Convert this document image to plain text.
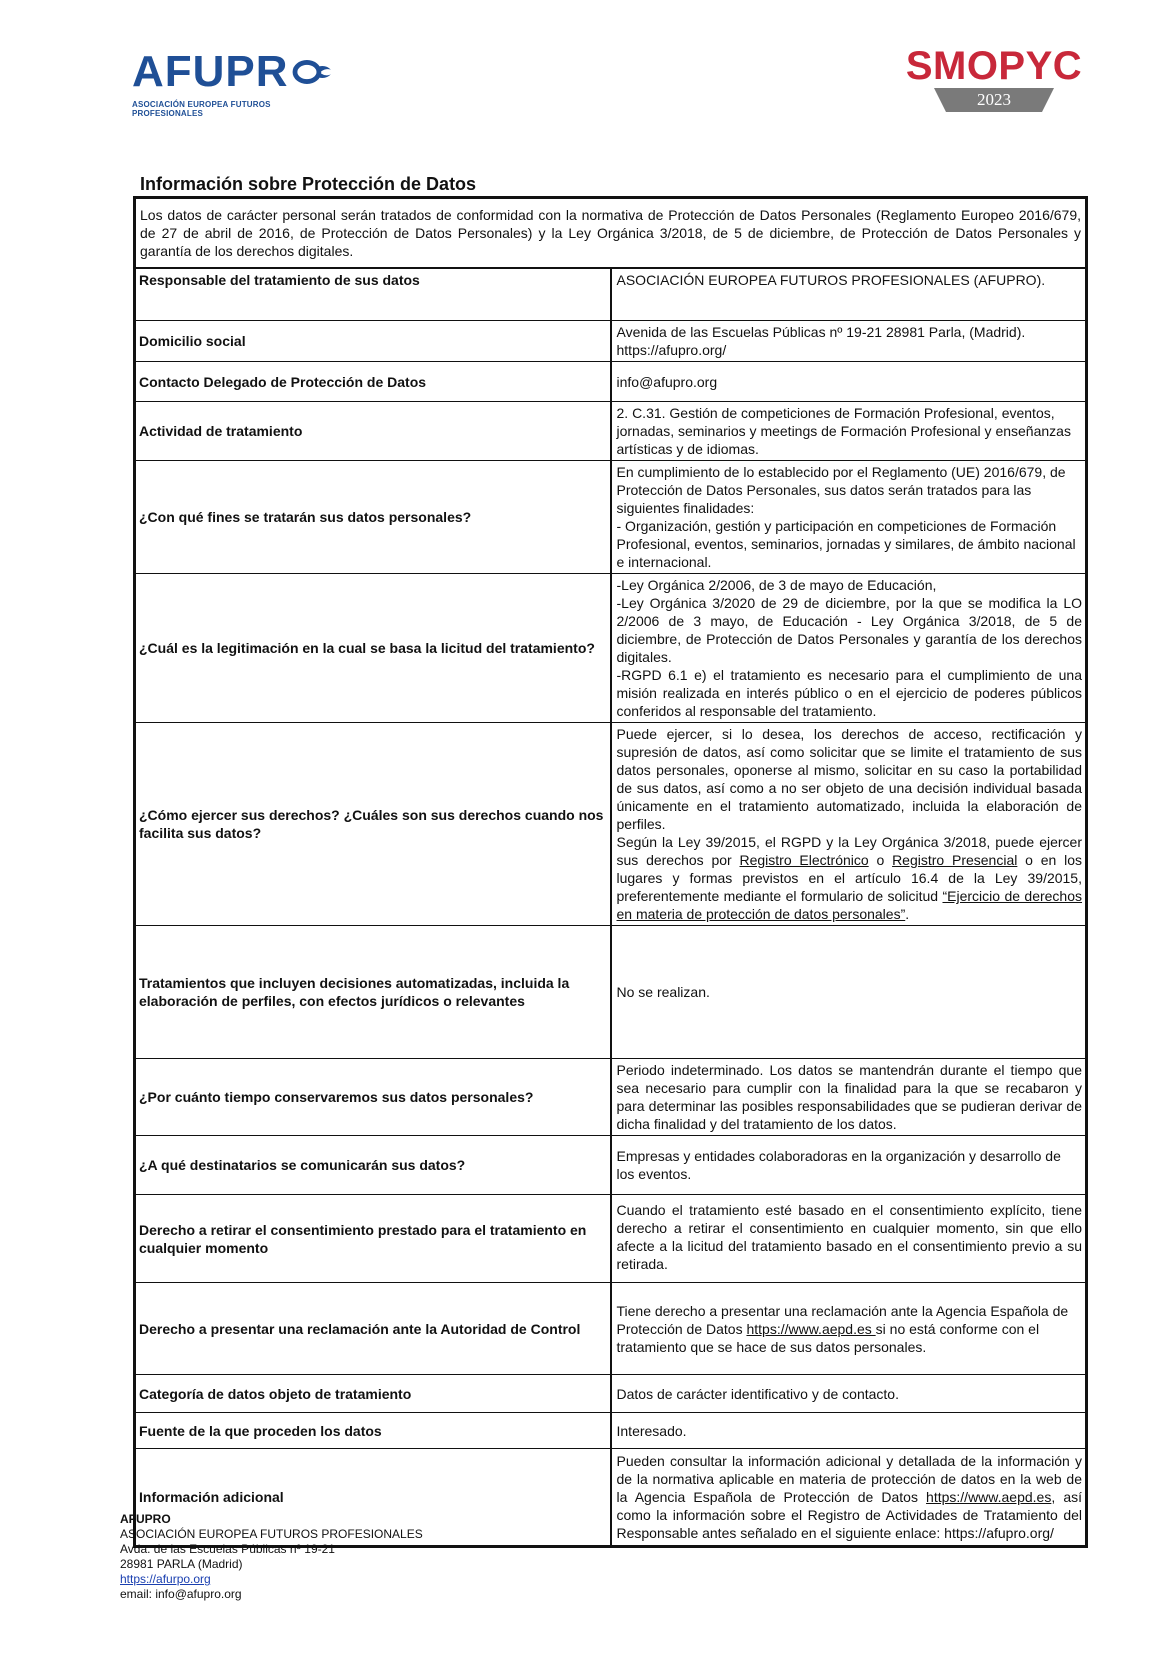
AFUPR
ASOCIACIÓN EUROPEA FUTUROS PROFESIONALES
SMOPYC
2023
Información sobre Protección de Datos
Los datos de carácter personal serán tratados de conformidad con la normativa de Protección de Datos Personales (Reglamento Europeo 2016/679, de 27 de abril de 2016, de Protección de Datos Personales) y la Ley Orgánica 3/2018, de 5 de diciembre, de Protección de Datos Personales y garantía de los derechos digitales.	
Responsable del tratamiento de sus datos	ASOCIACIÓN EUROPEA FUTUROS PROFESIONALES (AFUPRO).
Domicilio social	Avenida de las Escuelas Públicas nº 19-21 28981 Parla, (Madrid). https://afupro.org/
Contacto Delegado de Protección de Datos	info@afupro.org
Actividad de tratamiento	2. C.31. Gestión de competiciones de Formación Profesional, eventos, jornadas, seminarios y meetings de Formación Profesional y enseñanzas artísticas y de idiomas.
¿Con qué fines se tratarán sus datos personales?	En cumplimiento de lo establecido por el Reglamento (UE) 2016/679, de Protección de Datos Personales, sus datos serán tratados para las siguientes finalidades:
- Organización, gestión y participación en competiciones de Formación Profesional, eventos, seminarios, jornadas y similares, de ámbito nacional e internacional.

¿Cuál es la legitimación en la cual se basa la licitud del tratamiento?	-Ley Orgánica 2/2006, de 3 de mayo de Educación,
-Ley Orgánica 3/2020 de 29 de diciembre, por la que se modifica la LO 2/2006 de 3 mayo, de Educación - Ley Orgánica 3/2018, de 5 de diciembre, de Protección de Datos Personales y garantía de los derechos digitales.
-RGPD 6.1 e) el tratamiento es necesario para el cumplimiento de una misión realizada en interés público o en el ejercicio de poderes públicos conferidos al responsable del tratamiento.

¿Cómo ejercer sus derechos? ¿Cuáles son sus derechos cuando nos facilita sus datos?	Puede ejercer, si lo desea, los derechos de acceso, rectificación y supresión de datos, así como solicitar que se limite el tratamiento de sus datos personales, oponerse al mismo, solicitar en su caso la portabilidad de sus datos, así como a no ser objeto de una decisión individual basada únicamente en el tratamiento automatizado, incluida la elaboración de perfiles.
Según la Ley 39/2015, el RGPD y la Ley Orgánica 3/2018, puede ejercer sus derechos por Registro Electrónico o Registro Presencial o en los lugares y formas previstos en el artículo 16.4 de la Ley 39/2015, preferentemente mediante el formulario de solicitud “Ejercicio de derechos en materia de protección de datos personales”.

Tratamientos que incluyen decisiones automatizadas, incluida la elaboración de perfiles, con efectos jurídicos o relevantes	No se realizan.
¿Por cuánto tiempo conservaremos sus datos personales?	Periodo indeterminado. Los datos se mantendrán durante el tiempo que sea necesario para cumplir con la finalidad para la que se recabaron y para determinar las posibles responsabilidades que se pudieran derivar de dicha finalidad y del tratamiento de los datos.
¿A qué destinatarios se comunicarán sus datos?	Empresas y entidades colaboradoras en la organización y desarrollo de los eventos.
Derecho a retirar el consentimiento prestado para el tratamiento en cualquier momento	Cuando el tratamiento esté basado en el consentimiento explícito, tiene derecho a retirar el consentimiento en cualquier momento, sin que ello afecte a la licitud del tratamiento basado en el consentimiento previo a su retirada.
Derecho a presentar una reclamación ante la Autoridad de Control	Tiene derecho a presentar una reclamación ante la Agencia Española de Protección de Datos https://www.aepd.es si no está conforme con el tratamiento que se hace de sus datos personales.
Categoría de datos objeto de tratamiento	Datos de carácter identificativo y de contacto.
Fuente de la que proceden los datos	Interesado.
Información adicional	Pueden consultar la información adicional y detallada de la información y de la normativa aplicable en materia de protección de datos en la web de la Agencia Española de Protección de Datos https://www.aepd.es, así como la información sobre el Registro de Actividades de Tratamiento del Responsable antes señalado en el siguiente enlace: https://afupro.org/
AFUPRO
ASOCIACIÓN EUROPEA FUTUROS PROFESIONALES
Avda. de las Escuelas Públicas nº 19-21
28981 PARLA (Madrid)
https://afurpo.org
email: info@afupro.org
